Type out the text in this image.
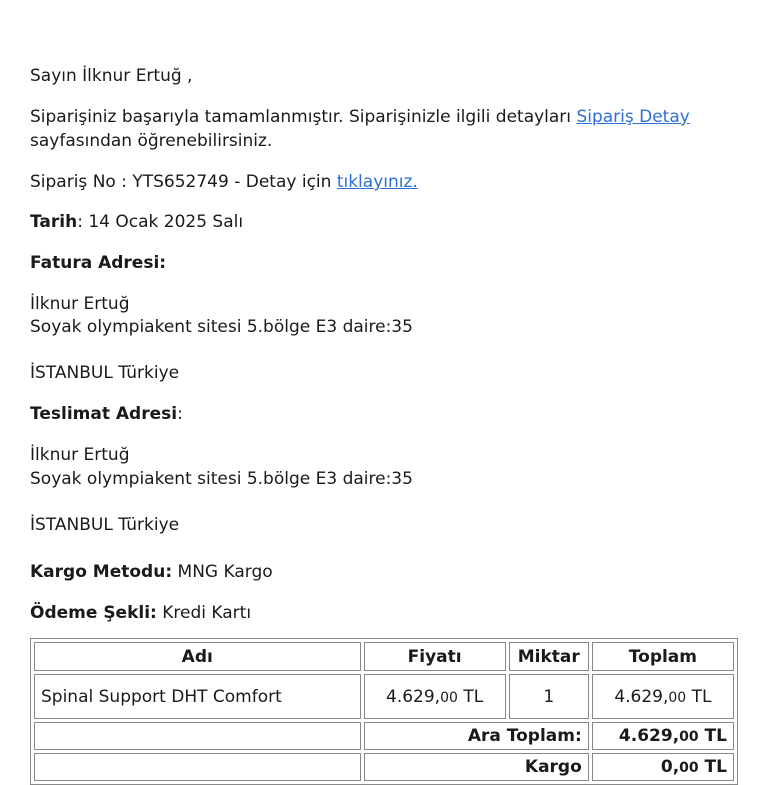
Sayın İlknur Ertuğ ,
Siparişiniz başarıyla tamamlanmıştır. Siparişinizle ilgili detayları Sipariş Detay
sayfasından öğrenebilirsiniz.
Sipariş No : YTS652749 - Detay için tıklayınız.
Tarih: 14 Ocak 2025 Salı
Fatura Adresi:
İlknur Ertuğ
Soyak olympiakent sitesi 5.bölge E3 daire:35
İSTANBUL Türkiye
Teslimat Adresi:
İlknur Ertuğ
Soyak olympiakent sitesi 5.bölge E3 daire:35
İSTANBUL Türkiye
Kargo Metodu: MNG Kargo
Ödeme Şekli: Kredi Kartı
Adı	Fiyatı	Miktar	Toplam
Spinal Support DHT Comfort	4.629,00 TL	1	4.629,00 TL
	Ara Toplam:		4.629,00 TL
	Kargo		0,00 TL
